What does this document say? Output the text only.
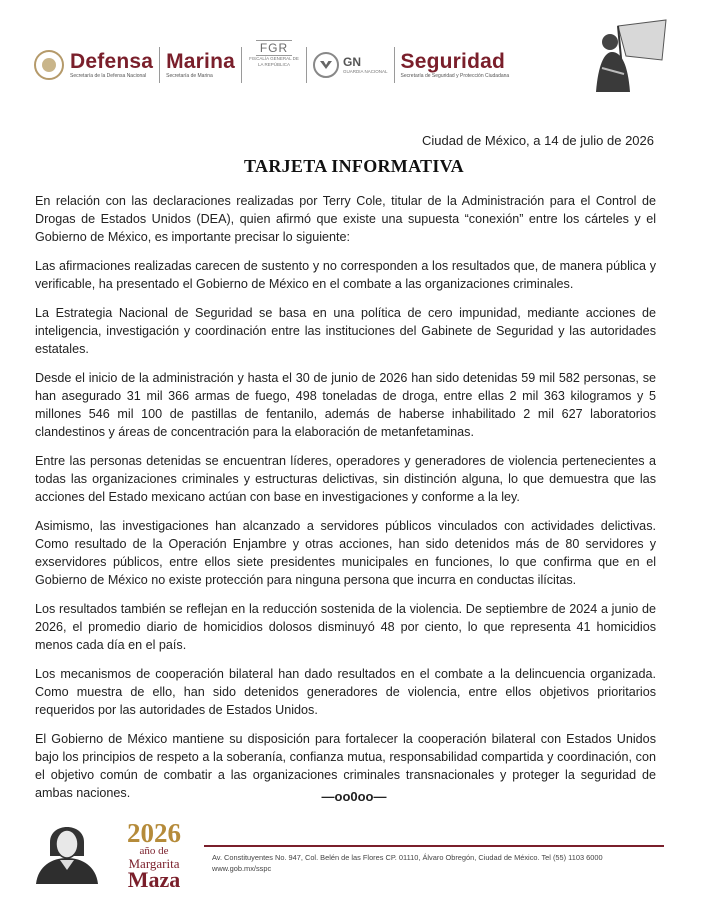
Defensa
Secretaría de la Defensa Nacional
Marina
Secretaría de Marina
FGR
FISCALÍA GENERAL DE LA REPÚBLICA	GN
GUARDIA NACIONAL Seguridad
Secretaría de Seguridad y Protección Ciudadana
Ciudad de México, a 14 de julio de 2026
TARJETA INFORMATIVA

En relación con las declaraciones realizadas por Terry Cole, titular de la Administración para el Control de Drogas de Estados Unidos (DEA), quien afirmó que existe una supuesta “conexión” entre los cárteles y el Gobierno de México, es importante precisar lo siguiente:

Las afirmaciones realizadas carecen de sustento y no corresponden a los resultados que, de manera pública y verificable, ha presentado el Gobierno de México en el combate a las organizaciones criminales.

La Estrategia Nacional de Seguridad se basa en una política de cero impunidad, mediante acciones de inteligencia, investigación y coordinación entre las instituciones del Gabinete de Seguridad y las autoridades estatales.

Desde el inicio de la administración y hasta el 30 de junio de 2026 han sido detenidas 59 mil 582 personas, se han asegurado 31 mil 366 armas de fuego, 498 toneladas de droga, entre ellas 2 mil 363 kilogramos y 5 millones 546 mil 100 de pastillas de fentanilo, además de haberse inhabilitado 2 mil 627 laboratorios clandestinos y áreas de concentración para la elaboración de metanfetaminas.

Entre las personas detenidas se encuentran líderes, operadores y generadores de violencia pertenecientes a todas las organizaciones criminales y estructuras delictivas, sin distinción alguna, lo que demuestra que las acciones del Estado mexicano actúan con base en investigaciones y conforme a la ley.

Asimismo, las investigaciones han alcanzado a servidores públicos vinculados con actividades delictivas. Como resultado de la Operación Enjambre y otras acciones, han sido detenidos más de 80 servidores y exservidores públicos, entre ellos siete presidentes municipales en funciones, lo que confirma que en el Gobierno de México no existe protección para ninguna persona que incurra en conductas ilícitas.

Los resultados también se reflejan en la reducción sostenida de la violencia. De septiembre de 2024 a junio de 2026, el promedio diario de homicidios dolosos disminuyó 48 por ciento, lo que representa 41 homicidios menos cada día en el país.

Los mecanismos de cooperación bilateral han dado resultados en el combate a la delincuencia organizada. Como muestra de ello, han sido detenidos generadores de violencia, entre ellos objetivos prioritarios requeridos por las autoridades de Estados Unidos.

El Gobierno de México mantiene su disposición para fortalecer la cooperación bilateral con Estados Unidos bajo los principios de respeto a la soberanía, confianza mutua, responsabilidad compartida y coordinación, con el objetivo común de combatir a las organizaciones criminales transnacionales y proteger la seguridad de ambas naciones.	—oo0oo—
2026
año de
Margarita
Maza
Av. Constituyentes No. 947, Col. Belén de las Flores CP. 01110, Álvaro Obregón, Ciudad de México. Tel (55) 1103 6000 www.gob.mx/sspc
